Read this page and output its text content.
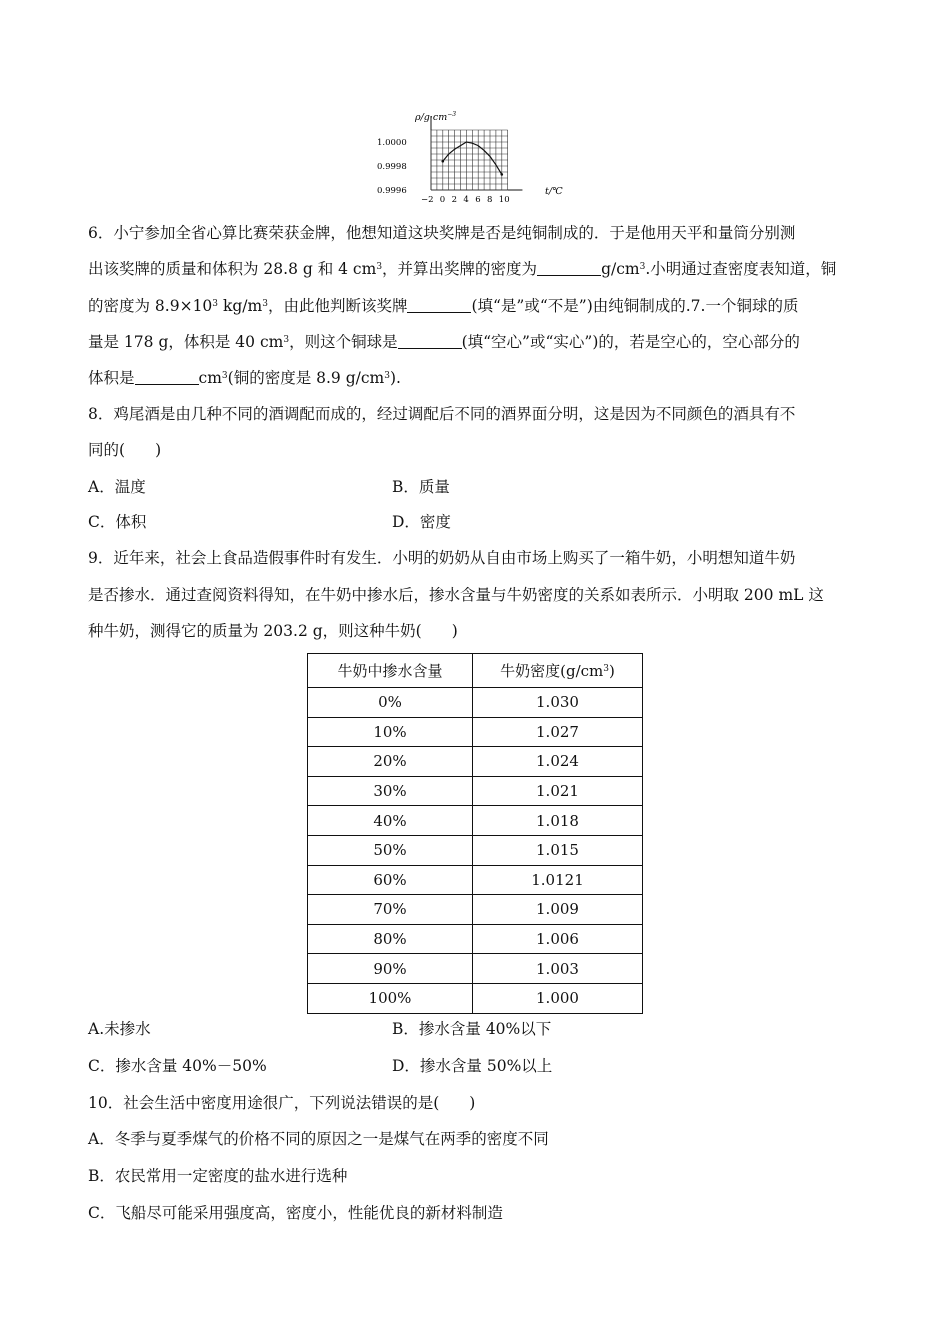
1.0000
0.9998
0.9996
−2 0 2 4 6 8 10
$\rho/g\cdot cm^{-3}$
t/℃
6．小宁参加全省心算比赛荣获金牌，他想知道这块奖牌是否是纯铜制成的．于是他用天平和量筒分别测
出该奖牌的质量和体积为 28.8 g 和 4 $cm^3$，并算出奖牌的密度为	$g/cm^3$.小明通过查密度表知道，铜
的密度为 $8.9\times 10^3$ $kg/m^3$，由此他判断该奖牌	(填“是”或“不是”)由纯铜制成的.7.一个铜球的质
量是 178 g，体积是 40 $cm^3$，则这个铜球是	(填“空心”或“实心”)的，若是空心的，空心部分的
体积是	$cm^3$(铜的密度是 8.9 $g/cm^3$).
8．鸡尾酒是由几种不同的酒调配而成的，经过调配后不同的酒界面分明，这是因为不同颜色的酒具有不
同的( )
A．温度	B．质量
C．体积	D．密度
9．近年来，社会上食品造假事件时有发生．小明的奶奶从自由市场上购买了一箱牛奶，小明想知道牛奶
是否掺水．通过查阅资料得知，在牛奶中掺水后，掺水含量与牛奶密度的关系如表所示．小明取 200 mL 这
种牛奶，测得它的质量为 203.2 g，则这种牛奶( )
牛奶中掺水含量	牛奶密度$(g/cm^3)$
0%	1.030
10%	1.027
20%	1.024
30%	1.021
40%	1.018
50%	1.015
60%	1.0121
70%	1.009
80%	1.006
90%	1.003
100%	1.000
A.未掺水	B．掺水含量 40%以下
C．掺水含量 40%－50%	D．掺水含量 50%以上
10．社会生活中密度用途很广，下列说法错误的是( )
A．冬季与夏季煤气的价格不同的原因之一是煤气在两季的密度不同
B．农民常用一定密度的盐水进行选种
C．飞船尽可能采用强度高，密度小，性能优良的新材料制造
